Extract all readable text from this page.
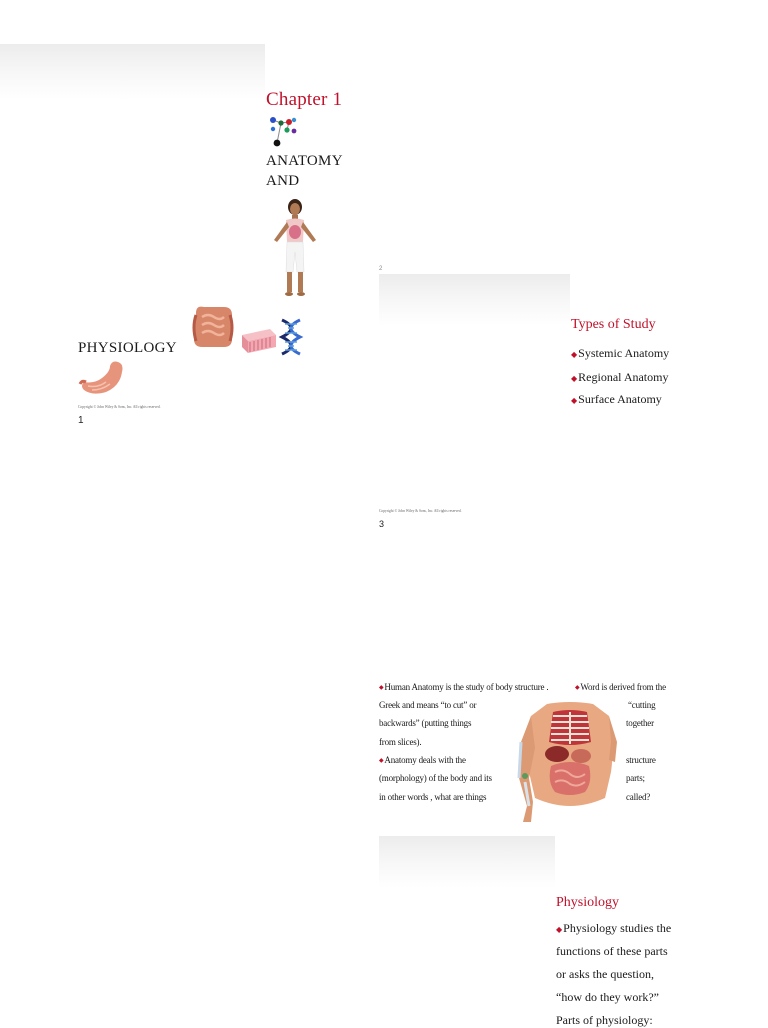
Chapter 1
ANATOMY
AND
PHYSIOLOGY
Copyright © John Wiley & Sons, Inc. All rights reserved.
1
2
Types of Study
◆Systemic Anatomy
◆Regional Anatomy
◆Surface Anatomy
Copyright © John Wiley & Sons, Inc. All rights reserved.
3
◆Human Anatomy is the study of body structure .	◆Word is derived from the
Greek and means “to cut” or	“cutting
backwards” (putting things	together
from slices).
◆Anatomy deals with the	structure
(morphology) of the body and its	parts;
in other words , what are things	called?
Physiology
◆Physiology studies the
functions of these parts
or asks the question,
“how do they work?”
Parts of physiology:
